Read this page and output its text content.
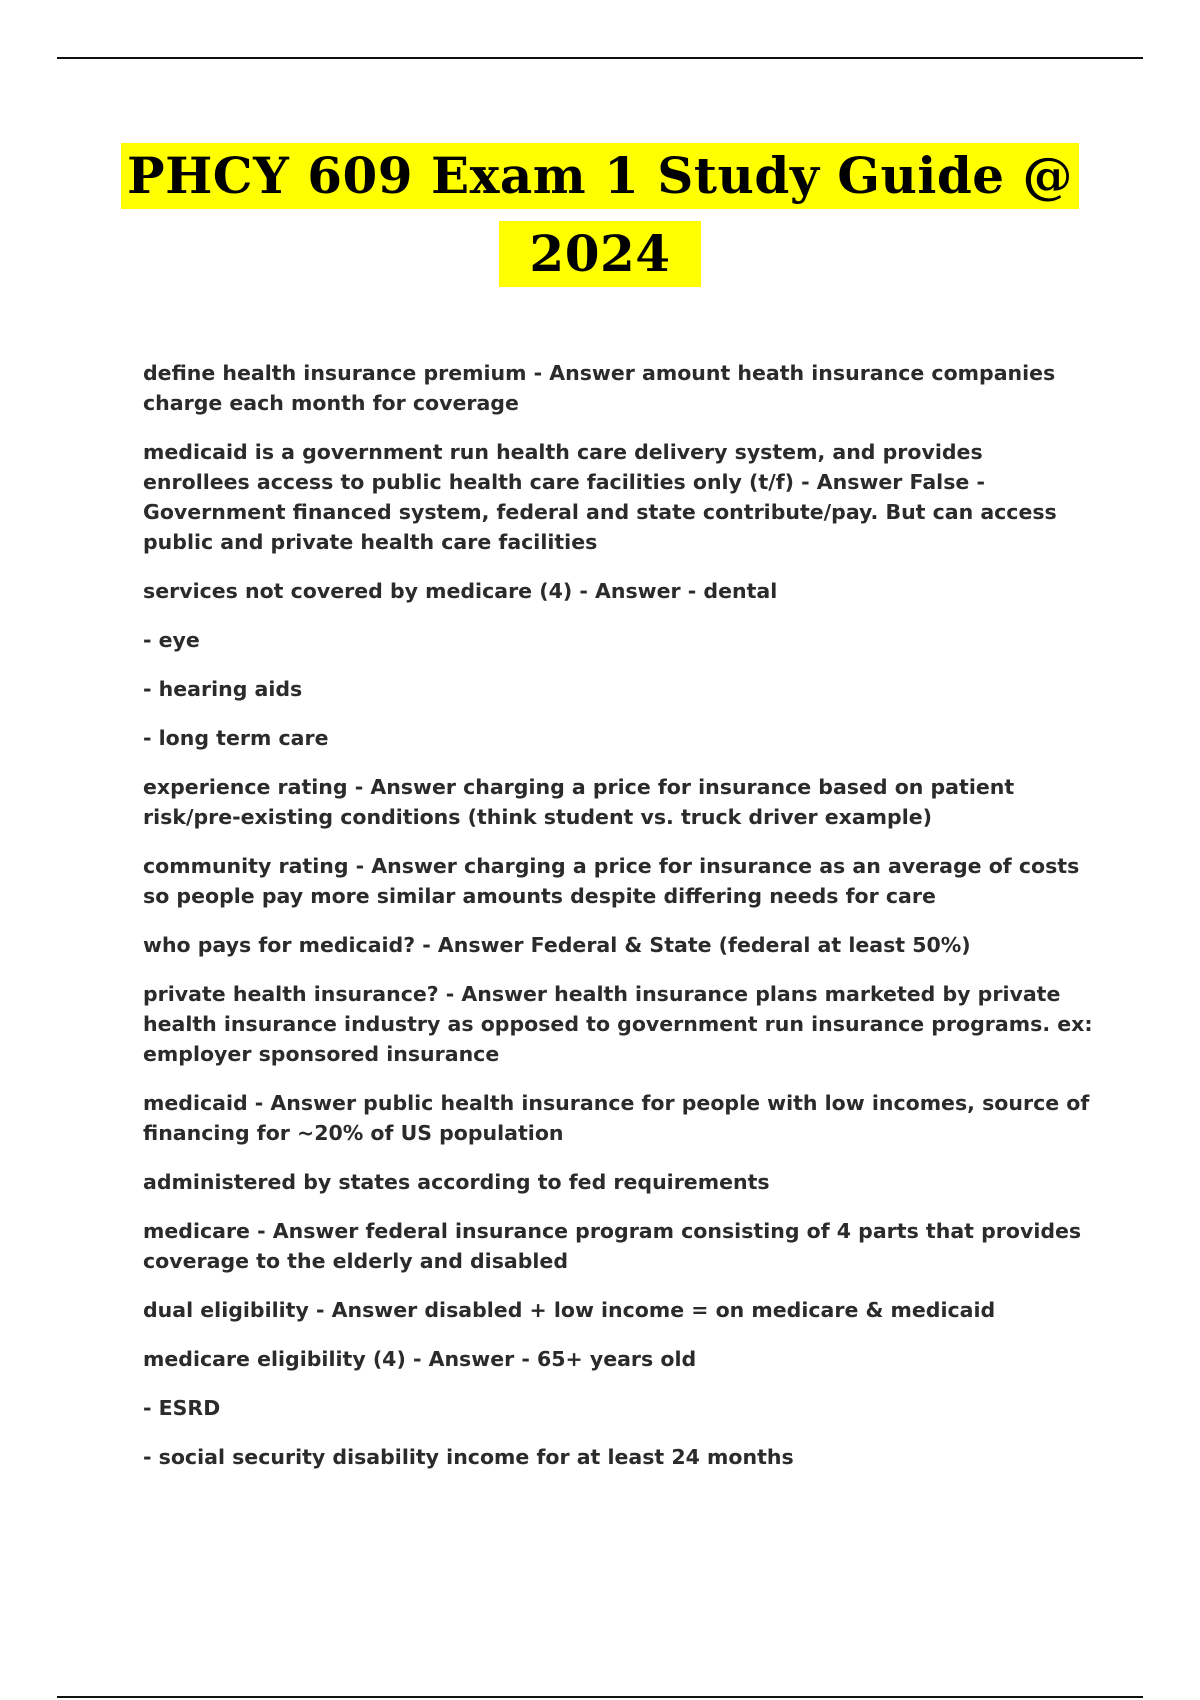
PHCY 609 Exam 1 Study Guide @
2024

define health insurance premium - Answer amount heath insurance companies charge each month for coverage

medicaid is a government run health care delivery system, and provides enrollees access to public health care facilities only (t/f) - Answer False - Government financed system, federal and state contribute/pay. But can access public and private health care facilities

services not covered by medicare (4) - Answer - dental

- eye

- hearing aids

- long term care

experience rating - Answer charging a price for insurance based on patient risk/pre-existing conditions (think student vs. truck driver example)

community rating - Answer charging a price for insurance as an average of costs so people pay more similar amounts despite differing needs for care

who pays for medicaid? - Answer Federal & State (federal at least 50%)

private health insurance? - Answer health insurance plans marketed by private health insurance industry as opposed to government run insurance programs. ex: employer sponsored insurance

medicaid - Answer public health insurance for people with low incomes, source of financing for ~20% of US population

administered by states according to fed requirements

medicare - Answer federal insurance program consisting of 4 parts that provides coverage to the elderly and disabled

dual eligibility - Answer disabled + low income = on medicare & medicaid

medicare eligibility (4) - Answer - 65+ years old

- ESRD

- social security disability income for at least 24 months
